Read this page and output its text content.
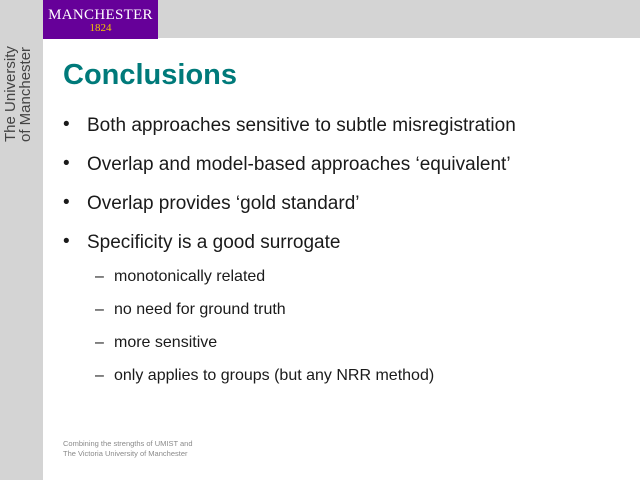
MANCHESTER
1824
The University
of Manchester Conclusions
• Both approaches sensitive to subtle misregistration
• Overlap and model-based approaches ‘equivalent’
• Overlap provides ‘gold standard’
• Specificity is a good surrogate
– monotonically related
– no need for ground truth
– more sensitive
– only applies to groups (but any NRR method)
Combining the strengths of UMIST and
The Victoria University of Manchester
